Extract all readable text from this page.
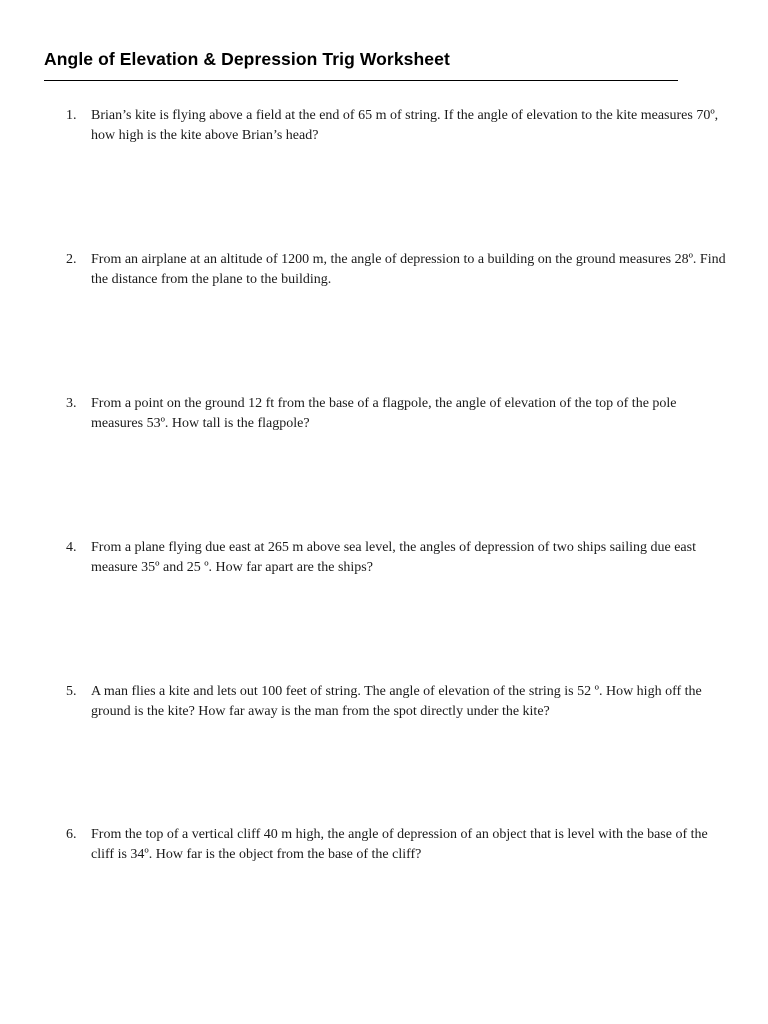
Angle of Elevation & Depression Trig Worksheet
1.	Brian’s kite is flying above a field at the end of 65 m of string. If the angle of elevation to the kite measures 70º, how high is the kite above Brian’s head?
2.	From an airplane at an altitude of 1200 m, the angle of depression to a building on the ground measures 28º. Find the distance from the plane to the building.
3.	From a point on the ground 12 ft from the base of a flagpole, the angle of elevation of the top of the pole measures 53º. How tall is the flagpole?
4.	From a plane flying due east at 265 m above sea level, the angles of depression of two ships sailing due east measure 35º and 25 º. How far apart are the ships?
5.	A man flies a kite and lets out 100 feet of string. The angle of elevation of the string is 52 º. How high off the ground is the kite? How far away is the man from the spot directly under the kite?
6.	From the top of a vertical cliff 40 m high, the angle of depression of an object that is level with the base of the cliff is 34º. How far is the object from the base of the cliff?
